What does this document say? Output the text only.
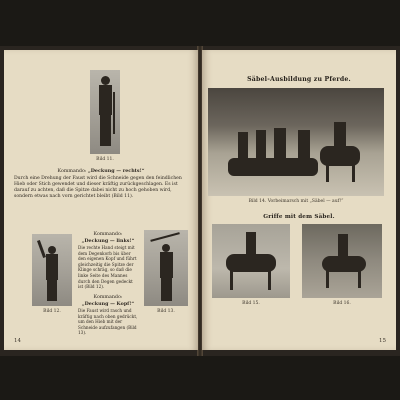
Bild 11.

Kommando: „Deckung — rechts!“

Durch eine Drehung der Faust wird die Schneide gegen den feindlichen Hieb oder Stich gewendet und dieser kräftig zurückgeschlagen. Es ist darauf zu achten, daß die Spitze dabei nicht zu hoch gehoben wird, sondern etwas nach vorn gerichtet bleibt (Bild 11).

Bild 12.

Kommando:
„Deckung — links!“

Die rechte Hand steigt mit dem Degenkorb bis über den eigenen Kopf und führt gleichzeitig die Spitze der Klinge schräg, so daß die linke Seite des Mannes durch den Degen gedeckt ist (Bild 12).

Kommando:
„Deckung — Kopf!“

Die Faust wird rasch und kräftig nach oben gedrückt, um den Hieb mit der Schneide aufzufangen (Bild 13).

Bild 13.
14
Säbel-Ausbildung zu Pferde.
Bild 14. Vorbeimarsch mit „Säbel — auf!“
Griffe mit dem Säbel.
Bild 15.	Bild 16.
15
